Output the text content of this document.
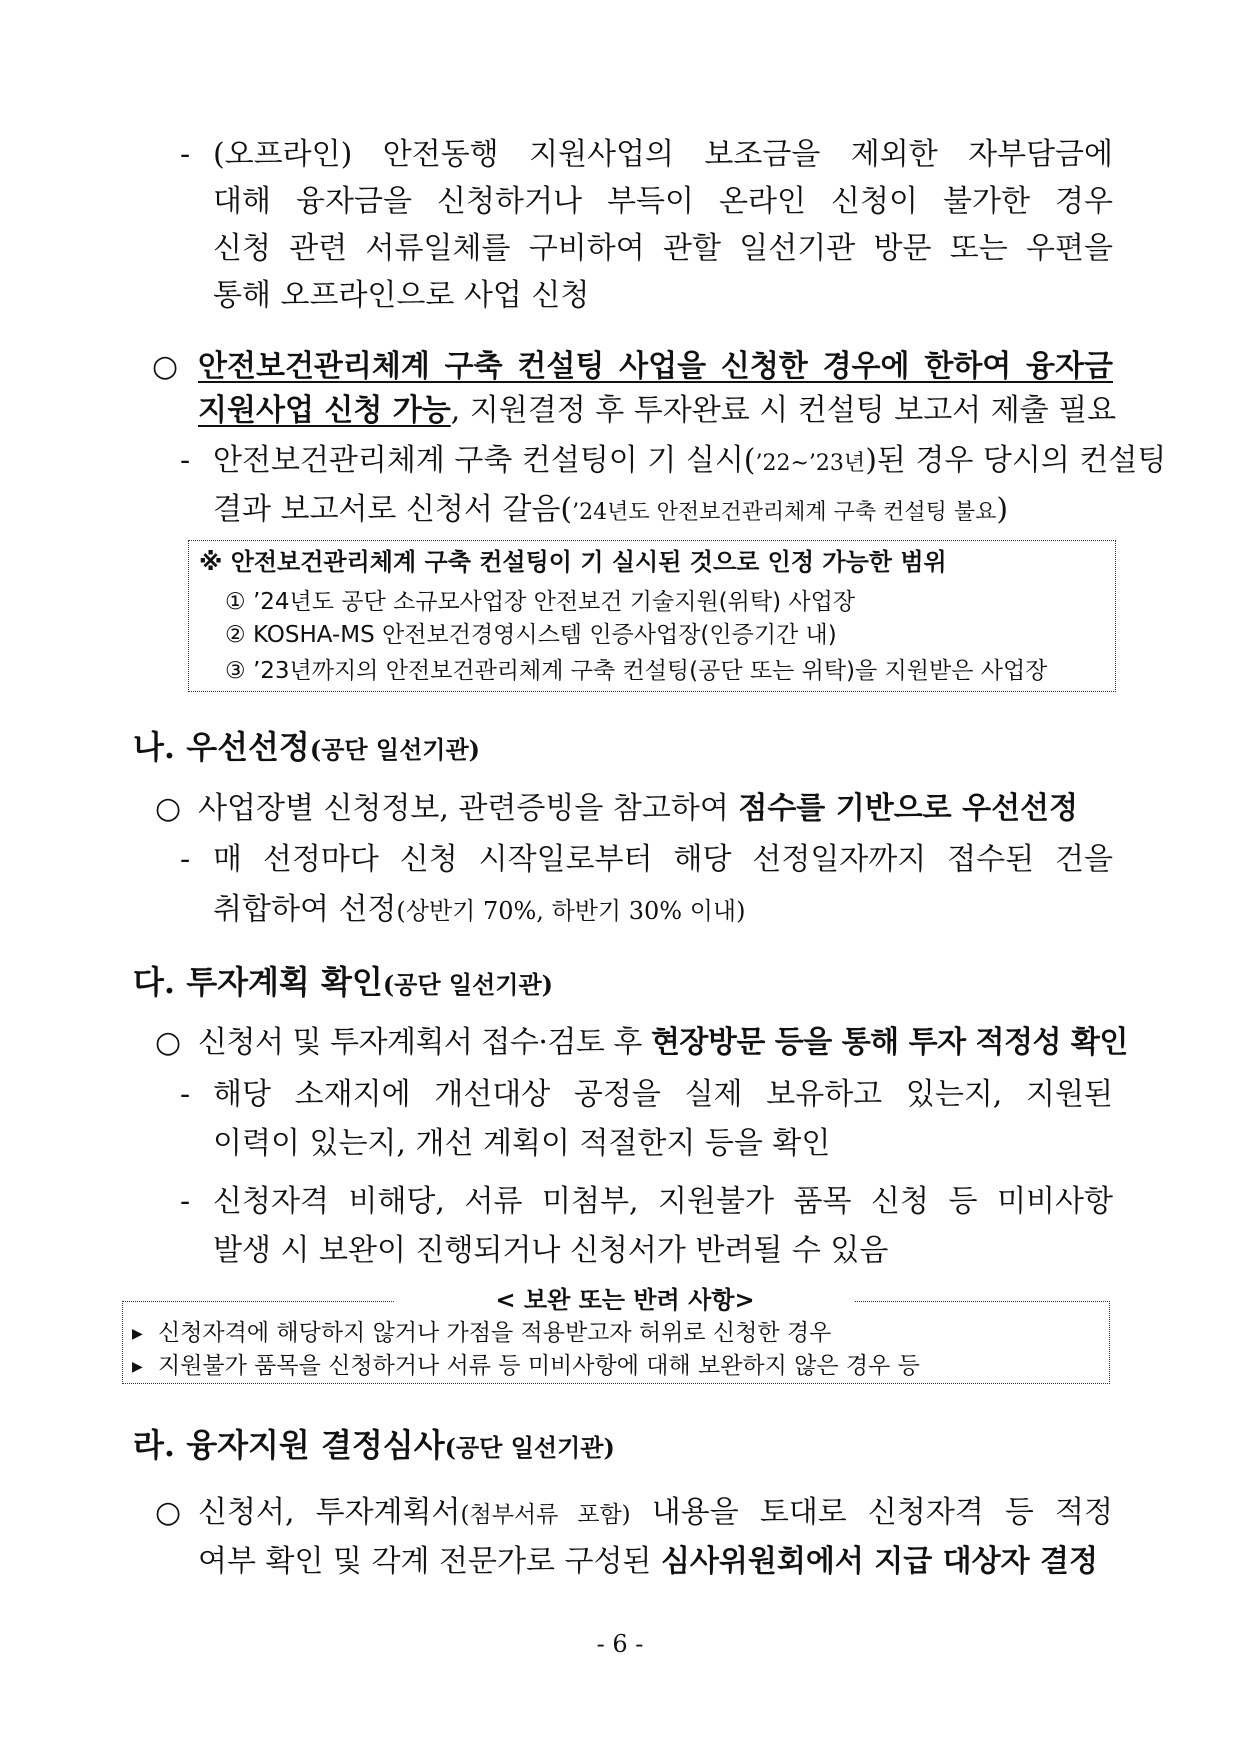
- (오프라인) 안전동행 지원사업의 보조금을 제외한 자부담금에
대해 융자금을 신청하거나 부득이 온라인 신청이 불가한 경우
신청 관련 서류일체를 구비하여 관할 일선기관 방문 또는 우편을
통해 오프라인으로 사업 신청
○ 안전보건관리체계 구축 컨설팅 사업을 신청한 경우에 한하여 융자금
지원사업 신청 가능, 지원결정 후 투자완료 시 컨설팅 보고서 제출 필요
- 안전보건관리체계 구축 컨설팅이 기 실시(’22~’23년)된 경우 당시의 컨설팅
결과 보고서로 신청서 갈음(’24년도 안전보건관리체계 구축 컨설팅 불요)
※ 안전보건관리체계 구축 컨설팅이 기 실시된 것으로 인정 가능한 범위
① ’24년도 공단 소규모사업장 안전보건 기술지원(위탁) 사업장
② KOSHA-MS 안전보건경영시스템 인증사업장(인증기간 내)
③ ’23년까지의 안전보건관리체계 구축 컨설팅(공단 또는 위탁)을 지원받은 사업장
나. 우선선정(공단 일선기관)
○ 사업장별 신청정보, 관련증빙을 참고하여 점수를 기반으로 우선선정
- 매 선정마다 신청 시작일로부터 해당 선정일자까지 접수된 건을
취합하여 선정(상반기 70%, 하반기 30% 이내)
다. 투자계획 확인(공단 일선기관)
○ 신청서 및 투자계획서 접수·검토 후 현장방문 등을 통해 투자 적정성 확인
- 해당 소재지에 개선대상 공정을 실제 보유하고 있는지, 지원된
이력이 있는지, 개선 계획이 적절한지 등을 확인
- 신청자격 비해당, 서류 미첨부, 지원불가 품목 신청 등 미비사항
발생 시 보완이 진행되거나 신청서가 반려될 수 있음
< 보완 또는 반려 사항>
▶ 신청자격에 해당하지 않거나 가점을 적용받고자 허위로 신청한 경우
▶ 지원불가 품목을 신청하거나 서류 등 미비사항에 대해 보완하지 않은 경우 등
라. 융자지원 결정심사(공단 일선기관)
○ 신청서, 투자계획서(첨부서류 포함) 내용을 토대로 신청자격 등 적정
여부 확인 및 각계 전문가로 구성된 심사위원회에서 지급 대상자 결정
- 6 -
